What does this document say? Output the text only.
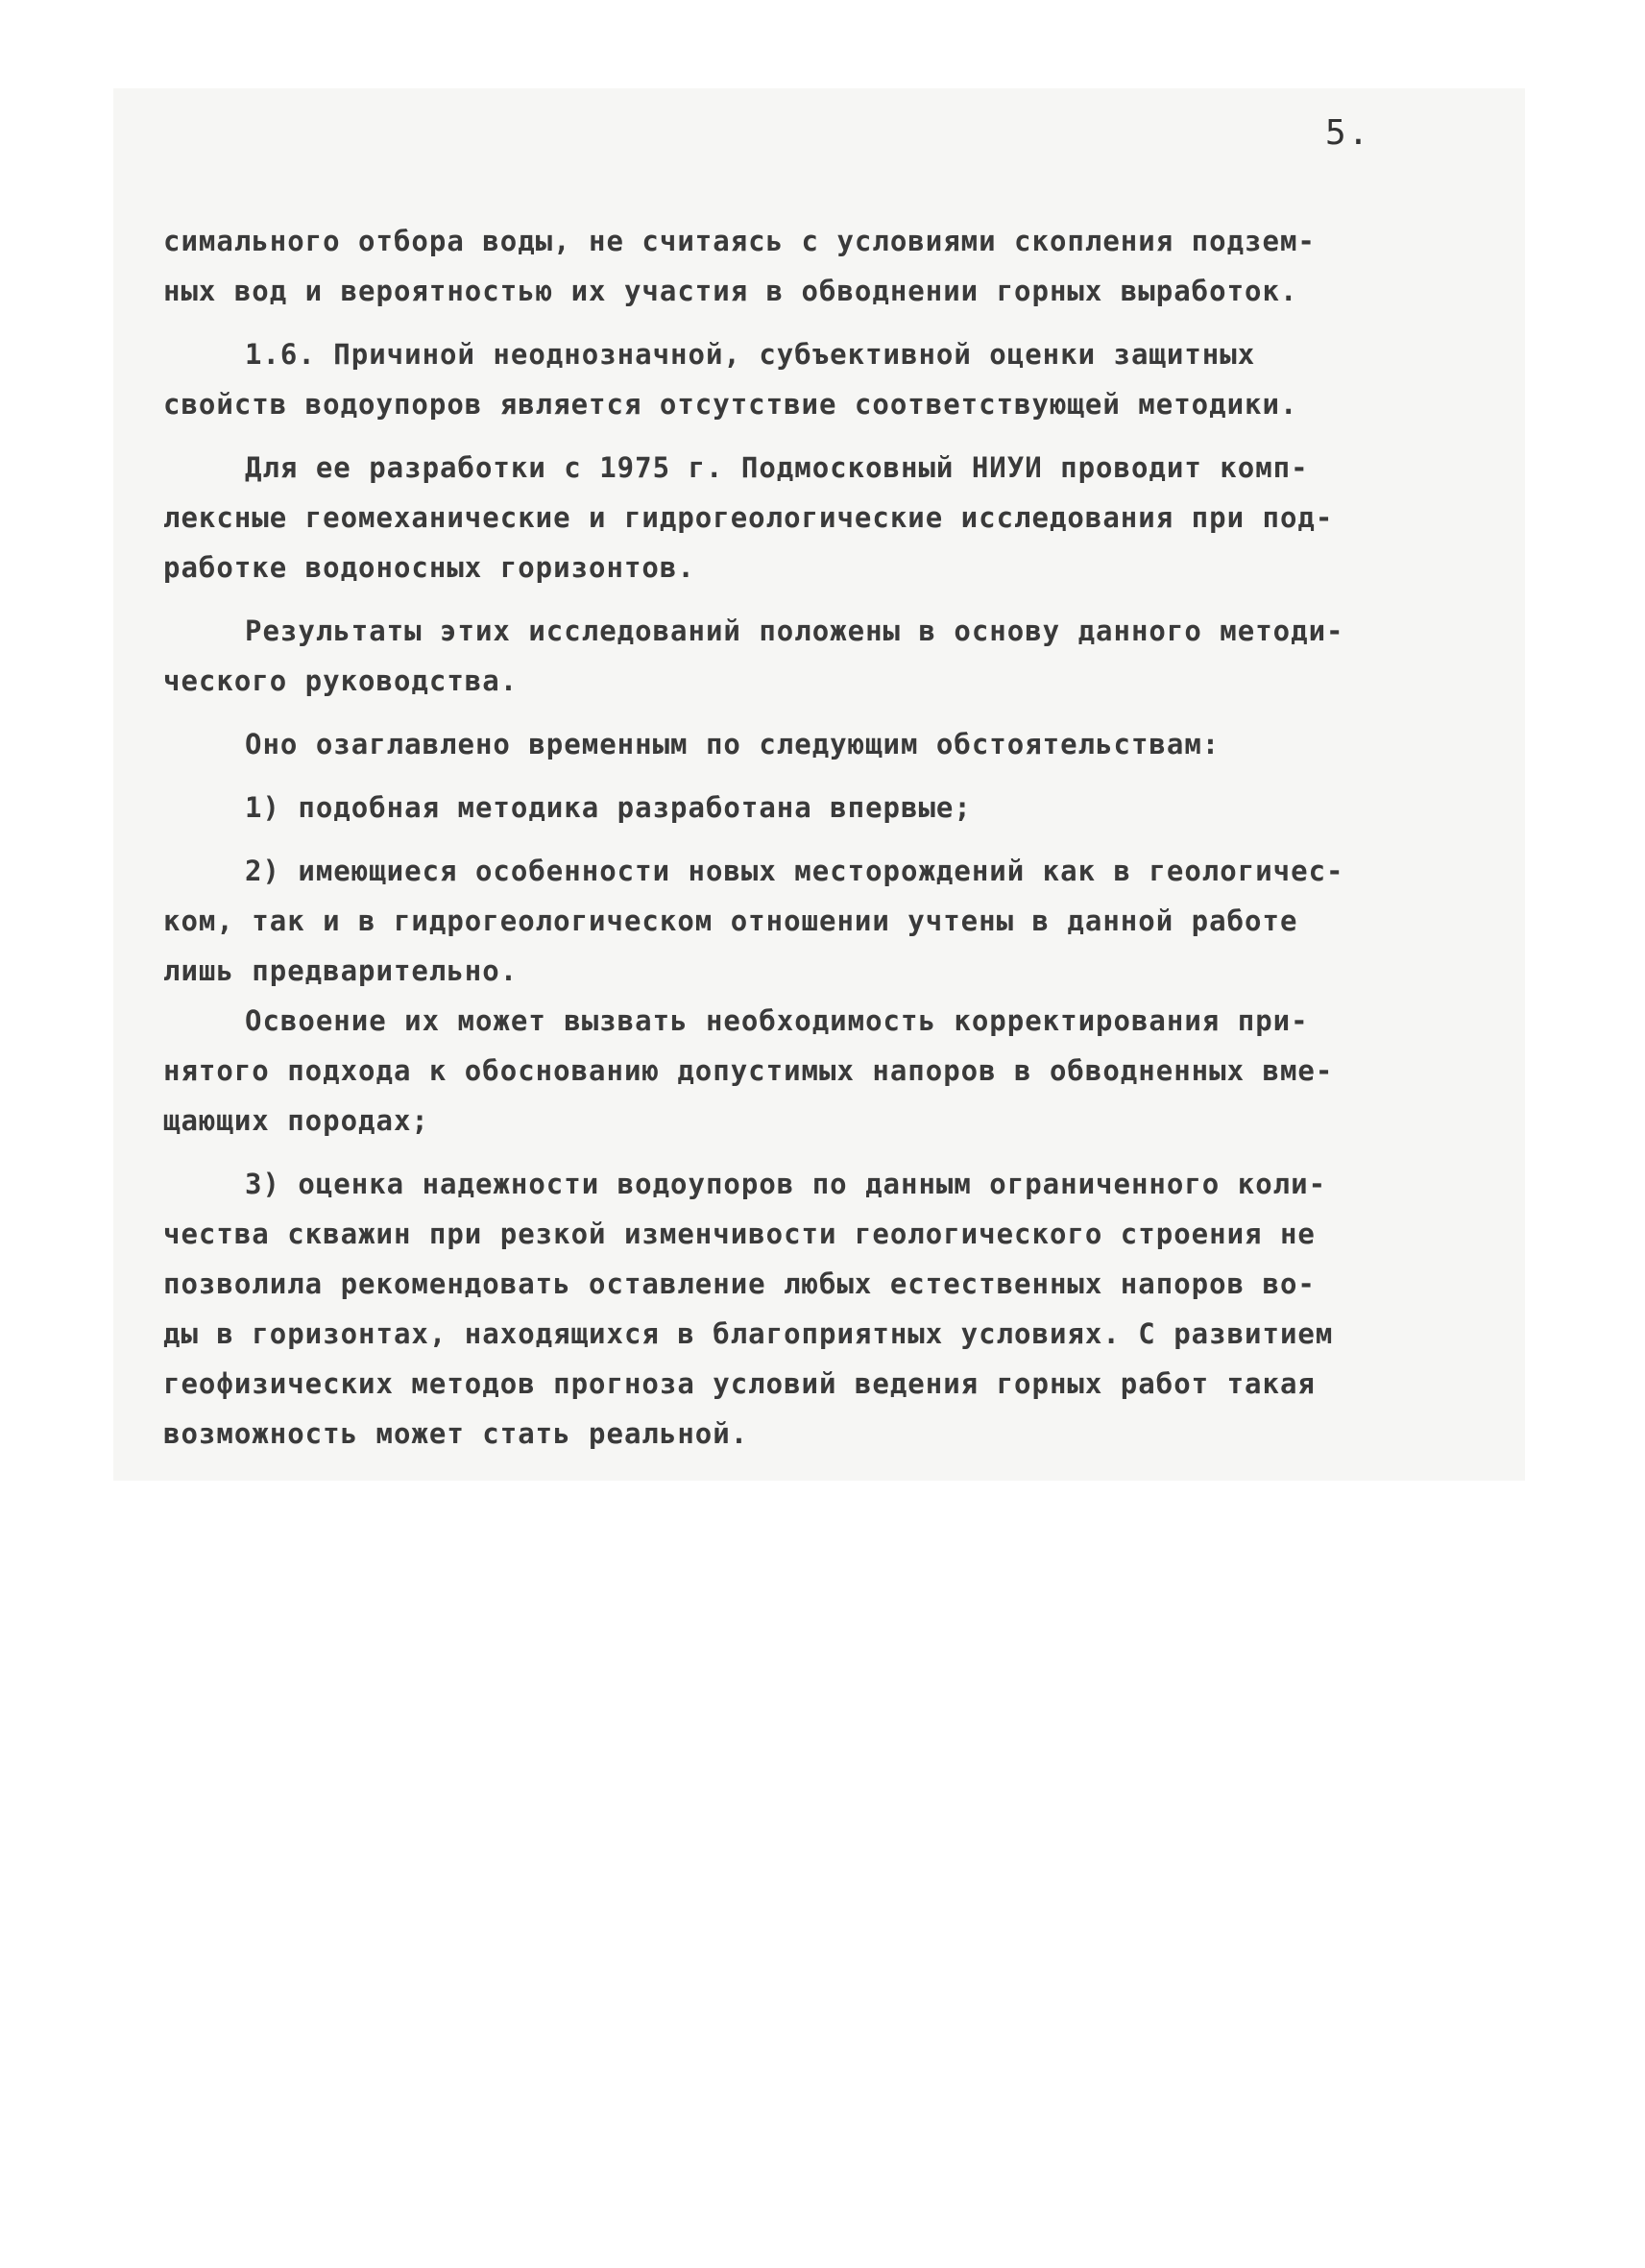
5.
симального отбора воды, не считаясь с условиями скопления подзем-
ных вод и вероятностью их участия в обводнении горных выработок.
1.6. Причиной неоднозначной, субъективной оценки защитных
свойств водоупоров является отсутствие соответствующей методики.
Для ее разработки с 1975 г. Подмосковный НИУИ проводит комп-
лексные геомеханические и гидрогеологические исследования при под-
работке водоносных горизонтов.
Результаты этих исследований положены в основу данного методи-
ческого руководства.
Оно озаглавлено временным по следующим обстоятельствам:
1) подобная методика разработана впервые;
2) имеющиеся особенности новых месторождений как в геологичес-
ком, так и в гидрогеологическом отношении учтены в данной работе
лишь предварительно.
Освоение их может вызвать необходимость корректирования при-
нятого подхода к обоснованию допустимых напоров в обводненных вме-
щающих породах;
3) оценка надежности водоупоров по данным ограниченного коли-
чества скважин при резкой изменчивости геологического строения не
позволила рекомендовать оставление любых естественных напоров во-
ды в горизонтах, находящихся в благоприятных условиях. С развитием
геофизических методов прогноза условий ведения горных работ такая
возможность может стать реальной.
